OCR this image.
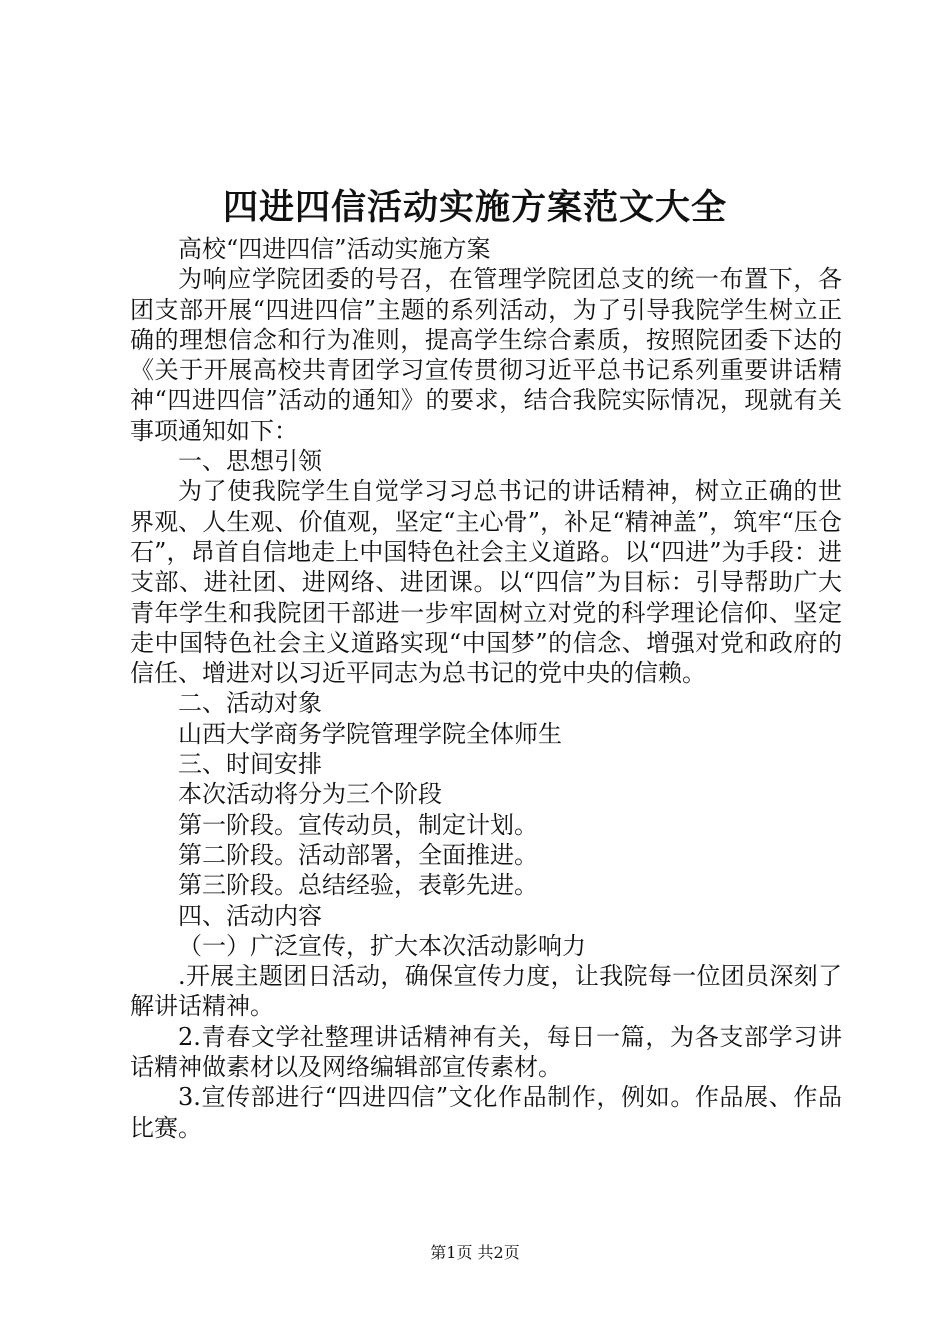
四进四信活动实施方案范文大全

高校“四进四信”活动实施方案

为响应学院团委的号召，在管理学院团总支的统一布置下，各团支部开展“四进四信”主题的系列活动，为了引导我院学生树立正确的理想信念和行为准则，提高学生综合素质，按照院团委下达的《关于开展高校共青团学习宣传贯彻习近平总书记系列重要讲话精神“四进四信”活动的通知》的要求，结合我院实际情况，现就有关事项通知如下：

一、思想引领

为了使我院学生自觉学习习总书记的讲话精神，树立正确的世界观、人生观、价值观，坚定“主心骨”，补足“精神盖”，筑牢“压仓石”，昂首自信地走上中国特色社会主义道路。以“四进”为手段：进支部、进社团、进网络、进团课。以“四信”为目标：引导帮助广大青年学生和我院团干部进一步牢固树立对党的科学理论信仰、坚定走中国特色社会主义道路实现“中国梦”的信念、增强对党和政府的信任、增进对以习近平同志为总书记的党中央的信赖。

二、活动对象

山西大学商务学院管理学院全体师生

三、时间安排

本次活动将分为三个阶段

第一阶段。宣传动员，制定计划。

第二阶段。活动部署，全面推进。

第三阶段。总结经验，表彰先进。

四、活动内容

（一）广泛宣传，扩大本次活动影响力

.开展主题团日活动，确保宣传力度，让我院每一位团员深刻了解讲话精神。

2.青春文学社整理讲话精神有关，每日一篇，为各支部学习讲话精神做素材以及网络编辑部宣传素材。

3.宣传部进行“四进四信”文化作品制作，例如。作品展、作品比赛。

第1页 共2页
